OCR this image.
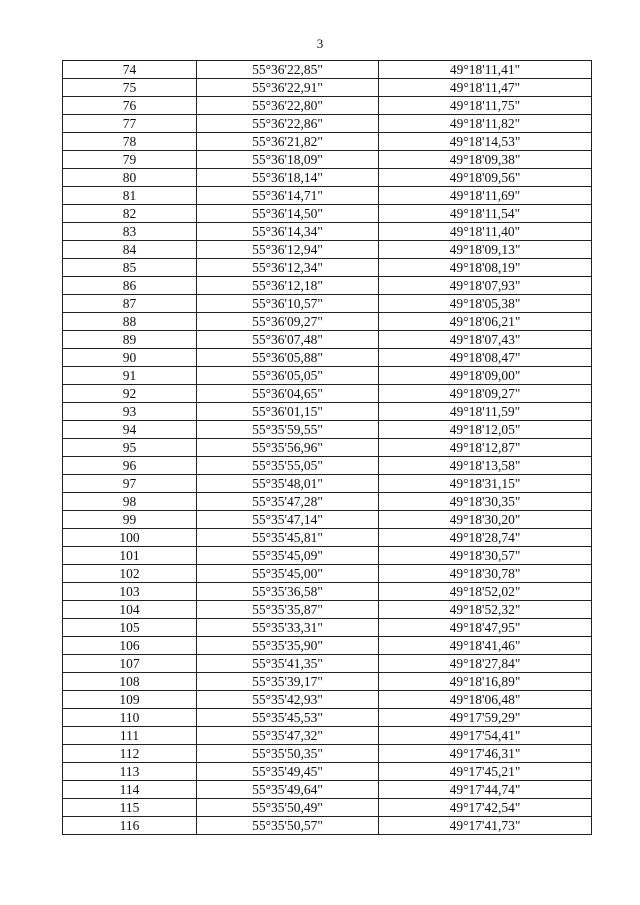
3
74	55°36'22,85"	49°18'11,41"
75	55°36'22,91"	49°18'11,47"
76	55°36'22,80"	49°18'11,75"
77	55°36'22,86"	49°18'11,82"
78	55°36'21,82"	49°18'14,53"
79	55°36'18,09"	49°18'09,38"
80	55°36'18,14"	49°18'09,56"
81	55°36'14,71"	49°18'11,69"
82	55°36'14,50"	49°18'11,54"
83	55°36'14,34"	49°18'11,40"
84	55°36'12,94"	49°18'09,13"
85	55°36'12,34"	49°18'08,19"
86	55°36'12,18"	49°18'07,93"
87	55°36'10,57"	49°18'05,38"
88	55°36'09,27"	49°18'06,21"
89	55°36'07,48"	49°18'07,43"
90	55°36'05,88"	49°18'08,47"
91	55°36'05,05"	49°18'09,00"
92	55°36'04,65"	49°18'09,27"
93	55°36'01,15"	49°18'11,59"
94	55°35'59,55"	49°18'12,05"
95	55°35'56,96"	49°18'12,87"
96	55°35'55,05"	49°18'13,58"
97	55°35'48,01"	49°18'31,15"
98	55°35'47,28"	49°18'30,35"
99	55°35'47,14"	49°18'30,20"
100	55°35'45,81"	49°18'28,74"
101	55°35'45,09"	49°18'30,57"
102	55°35'45,00"	49°18'30,78"
103	55°35'36,58"	49°18'52,02"
104	55°35'35,87"	49°18'52,32"
105	55°35'33,31"	49°18'47,95"
106	55°35'35,90"	49°18'41,46"
107	55°35'41,35"	49°18'27,84"
108	55°35'39,17"	49°18'16,89"
109	55°35'42,93"	49°18'06,48"
110	55°35'45,53"	49°17'59,29"
111	55°35'47,32"	49°17'54,41"
112	55°35'50,35"	49°17'46,31"
113	55°35'49,45"	49°17'45,21"
114	55°35'49,64"	49°17'44,74"
115	55°35'50,49"	49°17'42,54"
116	55°35'50,57"	49°17'41,73"
